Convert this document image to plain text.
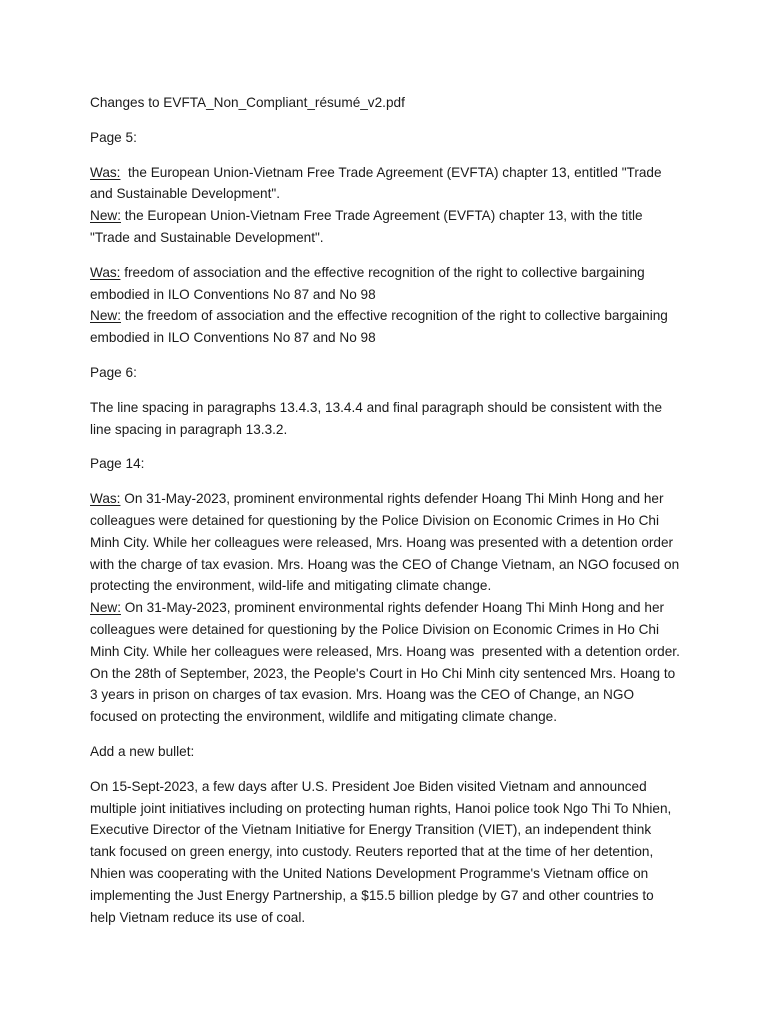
Changes to EVFTA_Non_Compliant_résumé_v2.pdf

Page 5:

Was:  the European Union-Vietnam Free Trade Agreement (EVFTA) chapter 13, entitled "Trade and Sustainable Development".
New: the European Union-Vietnam Free Trade Agreement (EVFTA) chapter 13, with the title "Trade and Sustainable Development".
Was: freedom of association and the effective recognition of the right to collective bargaining embodied in ILO Conventions No 87 and No 98
New: the freedom of association and the effective recognition of the right to collective bargaining embodied in ILO Conventions No 87 and No 98

Page 6:

The line spacing in paragraphs 13.4.3, 13.4.4 and final paragraph should be consistent with the line spacing in paragraph 13.3.2.

Page 14:

Was: On 31-May-2023, prominent environmental rights defender Hoang Thi Minh Hong and her colleagues were detained for questioning by the Police Division on Economic Crimes in Ho Chi Minh City. While her colleagues were released, Mrs. Hoang was presented with a detention order with the charge of tax evasion. Mrs. Hoang was the CEO of Change Vietnam, an NGO focused on protecting the environment, wild-life and mitigating climate change.
New: On 31-May-2023, prominent environmental rights defender Hoang Thi Minh Hong and her colleagues were detained for questioning by the Police Division on Economic Crimes in Ho Chi Minh City. While her colleagues were released, Mrs. Hoang was  presented with a detention order. On the 28th of September, 2023, the People's Court in Ho Chi Minh city sentenced Mrs. Hoang to 3 years in prison on charges of tax evasion. Mrs. Hoang was the CEO of Change, an NGO focused on protecting the environment, wildlife and mitigating climate change.

Add a new bullet:

On 15-Sept-2023, a few days after U.S. President Joe Biden visited Vietnam and announced multiple joint initiatives including on protecting human rights, Hanoi police took Ngo Thi To Nhien, Executive Director of the Vietnam Initiative for Energy Transition (VIET), an independent think tank focused on green energy, into custody. Reuters reported that at the time of her detention, Nhien was cooperating with the United Nations Development Programme's Vietnam office on implementing the Just Energy Partnership, a $15.5 billion pledge by G7 and other countries to help Vietnam reduce its use of coal.
